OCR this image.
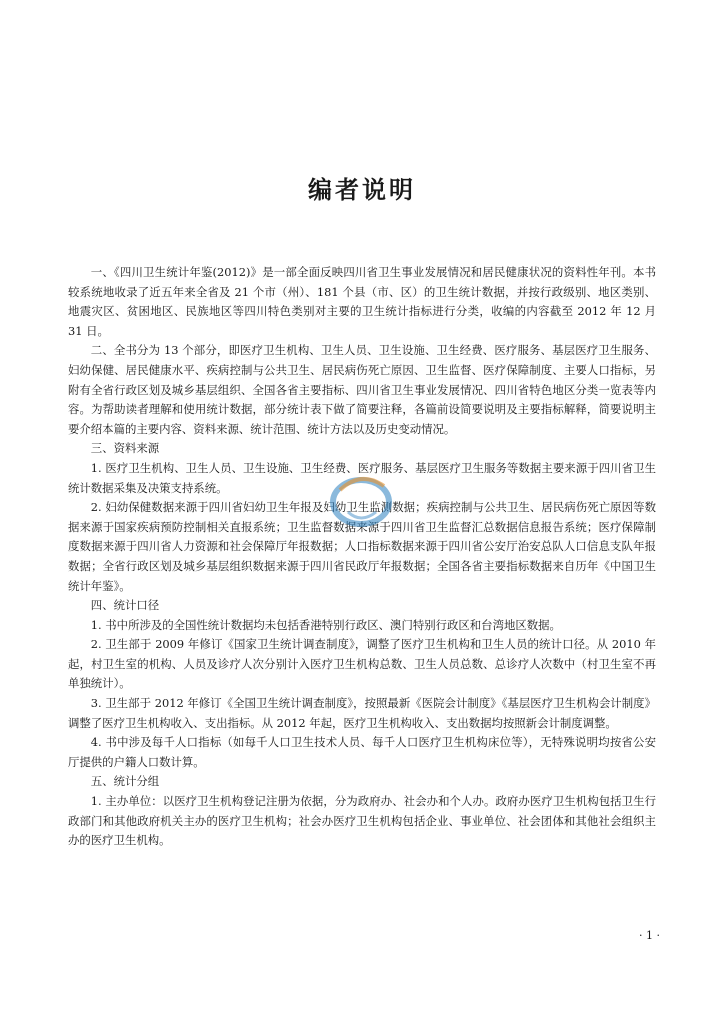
编者说明

一、《四川卫生统计年鉴(2012)》是一部全面反映四川省卫生事业发展情况和居民健康状况的资料性年刊。本书较系统地收录了近五年来全省及 21 个市（州）、181 个县（市、区）的卫生统计数据，并按行政级别、地区类别、地震灾区、贫困地区、民族地区等四川特色类别对主要的卫生统计指标进行分类，收编的内容截至 2012 年 12 月 31 日。

二、全书分为 13 个部分，即医疗卫生机构、卫生人员、卫生设施、卫生经费、医疗服务、基层医疗卫生服务、妇幼保健、居民健康水平、疾病控制与公共卫生、居民病伤死亡原因、卫生监督、医疗保障制度、主要人口指标，另附有全省行政区划及城乡基层组织、全国各省主要指标、四川省卫生事业发展情况、四川省特色地区分类一览表等内容。为帮助读者理解和使用统计数据，部分统计表下做了简要注释，各篇前设简要说明及主要指标解释，简要说明主要介绍本篇的主要内容、资料来源、统计范围、统计方法以及历史变动情况。

三、资料来源

1. 医疗卫生机构、卫生人员、卫生设施、卫生经费、医疗服务、基层医疗卫生服务等数据主要来源于四川省卫生统计数据采集及决策支持系统。

2. 妇幼保健数据来源于四川省妇幼卫生年报及妇幼卫生监测数据；疾病控制与公共卫生、居民病伤死亡原因等数据来源于国家疾病预防控制相关直报系统；卫生监督数据来源于四川省卫生监督汇总数据信息报告系统；医疗保障制度数据来源于四川省人力资源和社会保障厅年报数据；人口指标数据来源于四川省公安厅治安总队人口信息支队年报数据；全省行政区划及城乡基层组织数据来源于四川省民政厅年报数据；全国各省主要指标数据来自历年《中国卫生统计年鉴》。

四、统计口径

1. 书中所涉及的全国性统计数据均未包括香港特别行政区、澳门特别行政区和台湾地区数据。

2. 卫生部于 2009 年修订《国家卫生统计调查制度》，调整了医疗卫生机构和卫生人员的统计口径。从 2010 年起，村卫生室的机构、人员及诊疗人次分别计入医疗卫生机构总数、卫生人员总数、总诊疗人次数中（村卫生室不再单独统计）。

3. 卫生部于 2012 年修订《全国卫生统计调查制度》，按照最新《医院会计制度》《基层医疗卫生机构会计制度》调整了医疗卫生机构收入、支出指标。从 2012 年起，医疗卫生机构收入、支出数据均按照新会计制度调整。

4. 书中涉及每千人口指标（如每千人口卫生技术人员、每千人口医疗卫生机构床位等），无特殊说明均按省公安厅提供的户籍人口数计算。

五、统计分组

1. 主办单位：以医疗卫生机构登记注册为依据，分为政府办、社会办和个人办。政府办医疗卫生机构包括卫生行政部门和其他政府机关主办的医疗卫生机构；社会办医疗卫生机构包括企业、事业单位、社会团体和其他社会组织主办的医疗卫生机构。

· 1 ·
